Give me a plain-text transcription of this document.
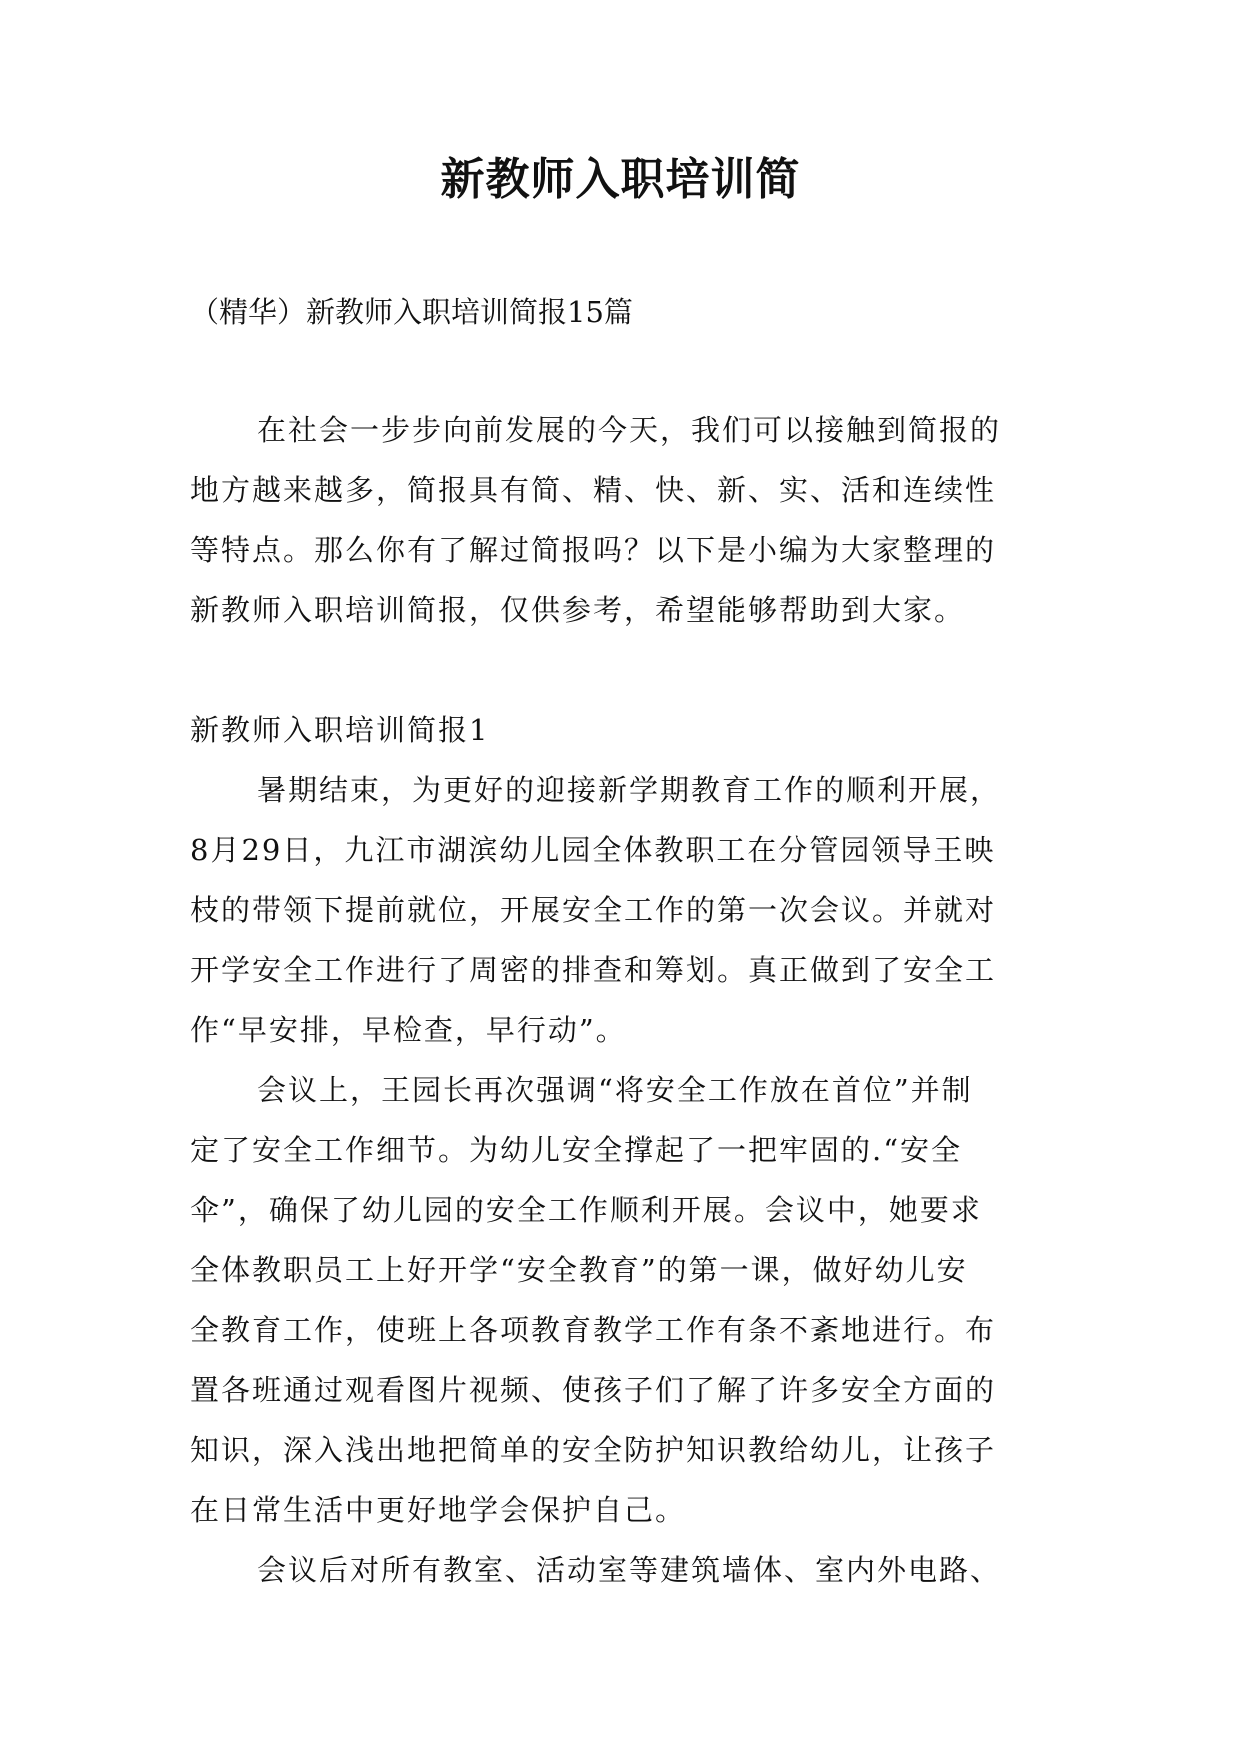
新教师入职培训简
（精华）新教师入职培训简报15篇
在社会一步步向前发展的今天，我们可以接触到简报的
地方越来越多，简报具有简、精、快、新、实、活和连续性
等特点。那么你有了解过简报吗？以下是小编为大家整理的
新教师入职培训简报，仅供参考，希望能够帮助到大家。
新教师入职培训简报1
暑期结束，为更好的迎接新学期教育工作的顺利开展，
8月29日，九江市湖滨幼儿园全体教职工在分管园领导王映
枝的带领下提前就位，开展安全工作的第一次会议。并就对
开学安全工作进行了周密的排查和筹划。真正做到了安全工
作“早安排，早检查，早行动”。
会议上，王园长再次强调“将安全工作放在首位”并制
定了安全工作细节。为幼儿安全撑起了一把牢固的.“安全
伞”，确保了幼儿园的安全工作顺利开展。会议中，她要求
全体教职员工上好开学“安全教育”的第一课，做好幼儿安
全教育工作，使班上各项教育教学工作有条不紊地进行。布
置各班通过观看图片视频、使孩子们了解了许多安全方面的
知识，深入浅出地把简单的安全防护知识教给幼儿，让孩子
在日常生活中更好地学会保护自己。
会议后对所有教室、活动室等建筑墙体、室内外电路、
